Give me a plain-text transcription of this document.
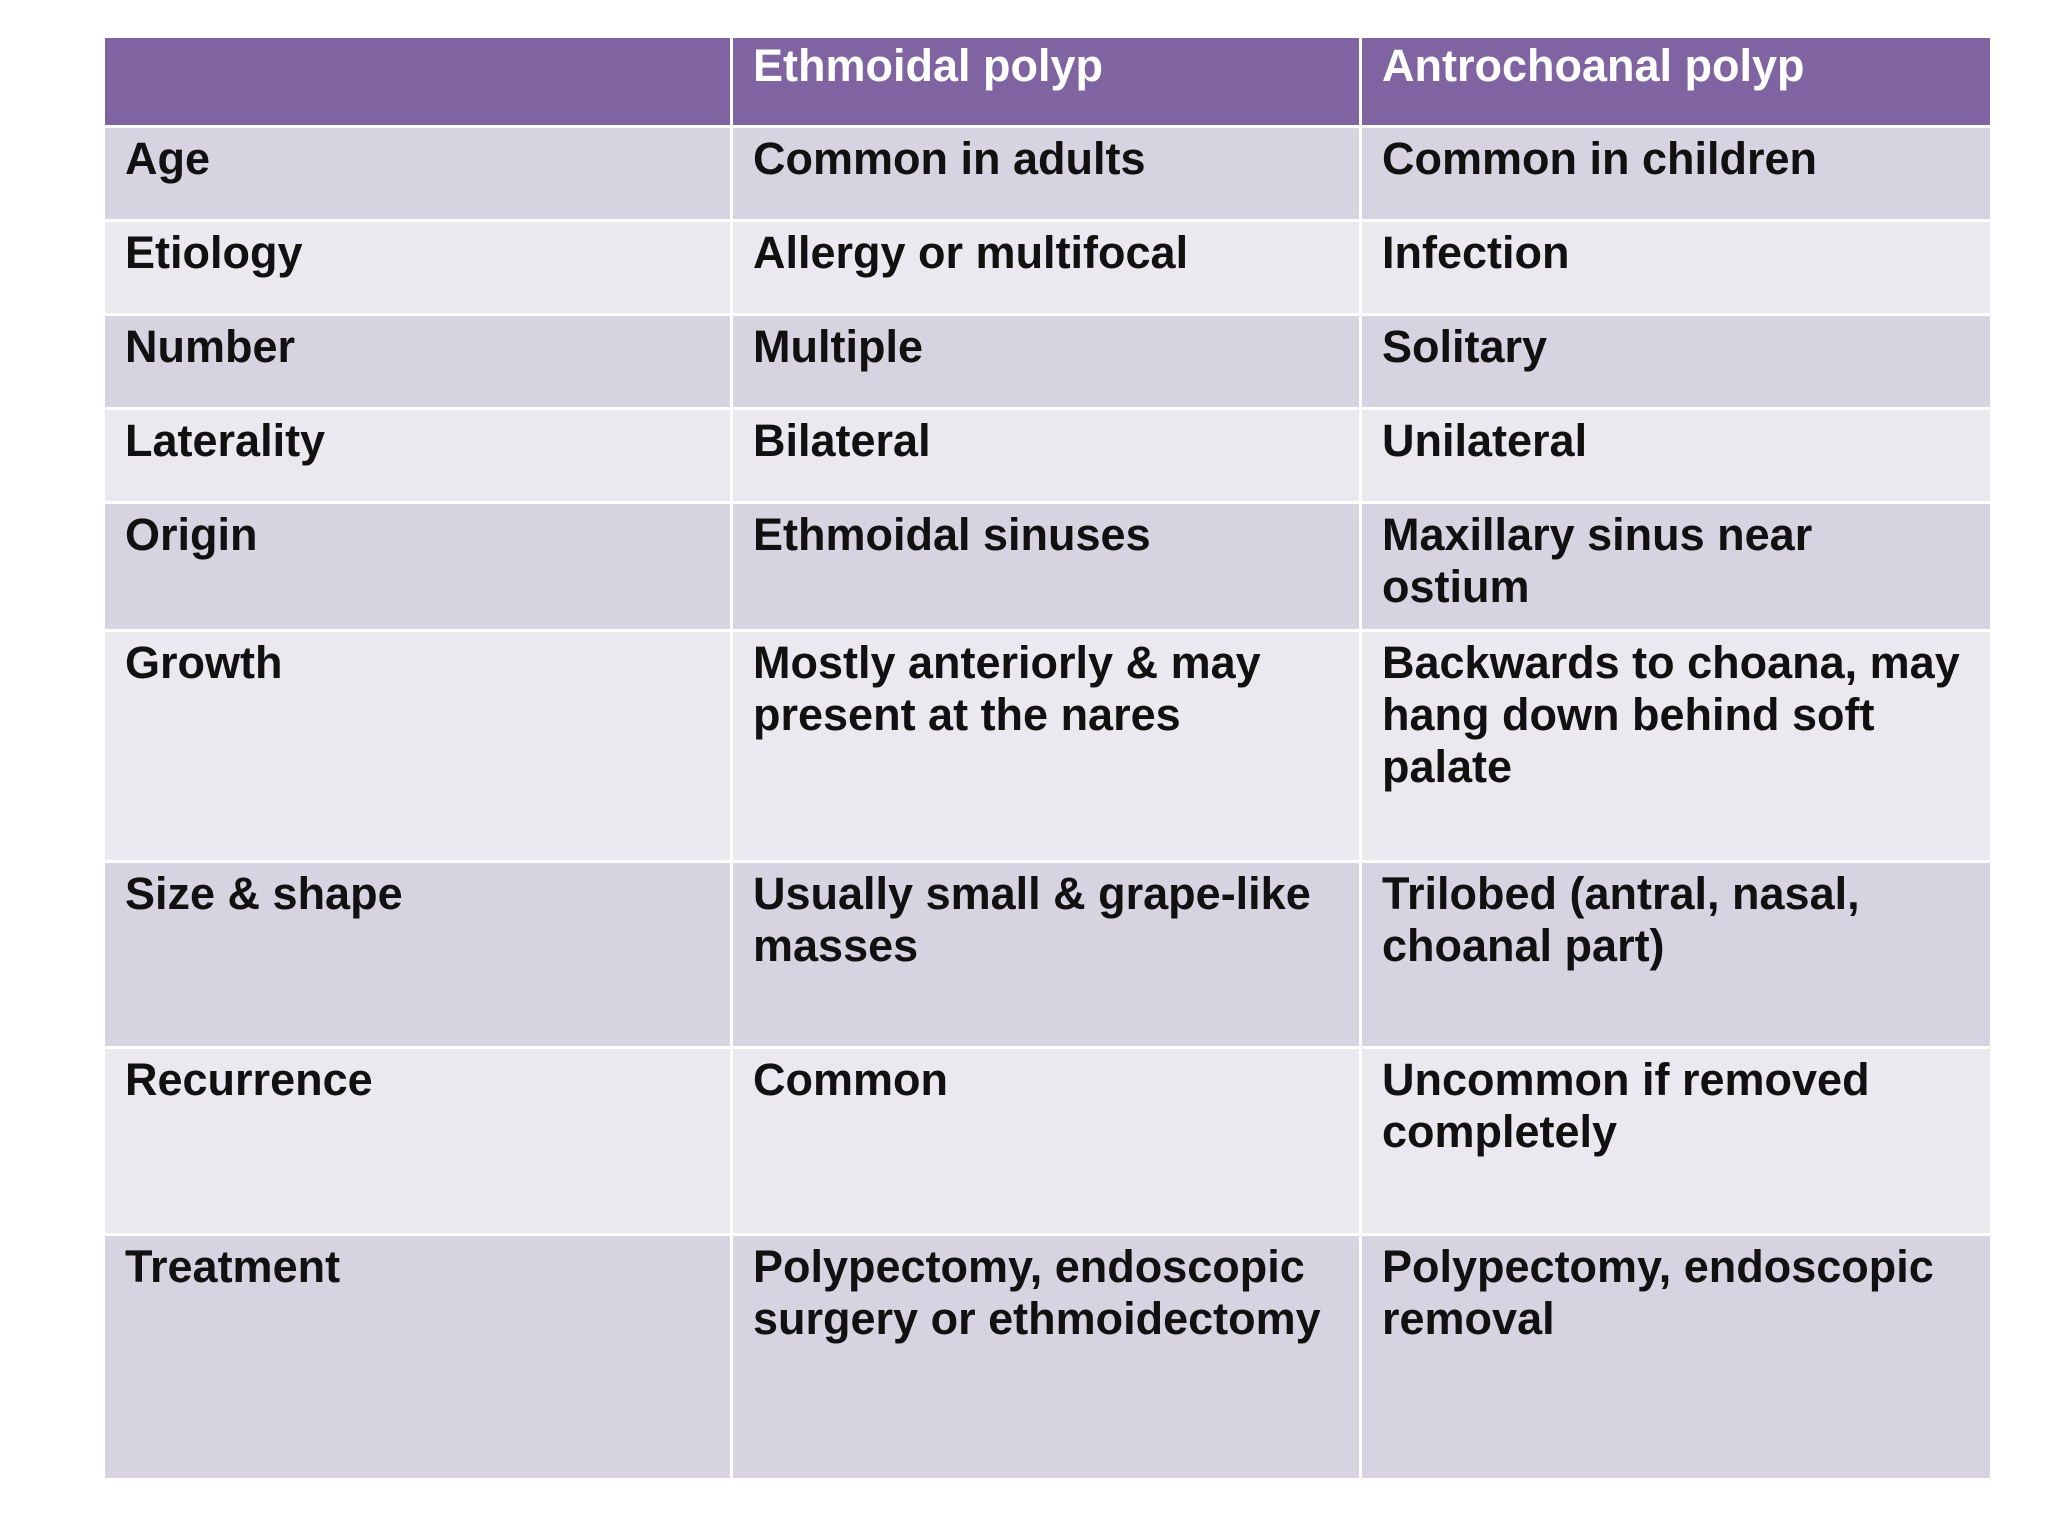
	Ethmoidal polyp	Antrochoanal polyp
Age	Common in adults	Common in children
Etiology	Allergy or multifocal	Infection
Number	Multiple	Solitary
Laterality	Bilateral	Unilateral
Origin	Ethmoidal sinuses	Maxillary sinus near ostium
Growth	Mostly anteriorly & may present at the nares	Backwards to choana, may hang down behind soft palate
Size & shape	Usually small & grape-like masses	Trilobed (antral, nasal, choanal part)
Recurrence	Common	Uncommon if removed completely
Treatment	Polypectomy, endoscopic surgery or ethmoidectomy	Polypectomy, endoscopic removal
